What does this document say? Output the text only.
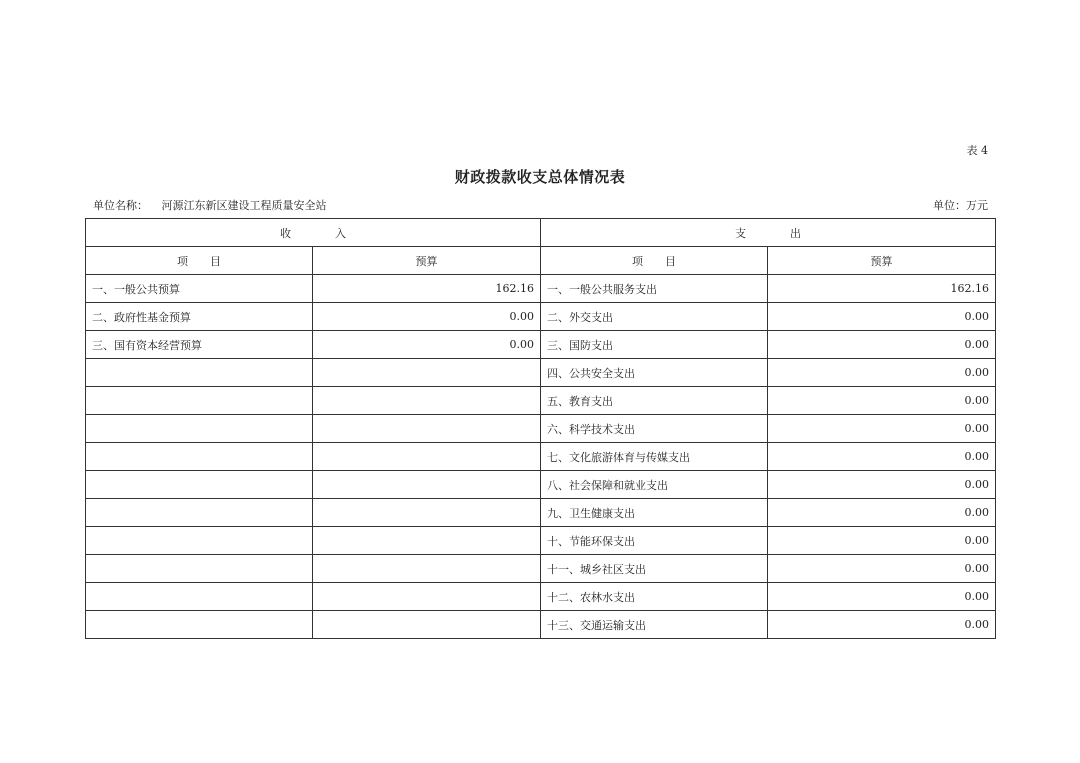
表 4
财政拨款收支总体情况表
单位名称： 河源江东新区建设工程质量安全站	单位：万元
收　　　　入		支　　　　出	
项　　目	预算	项　　目	预算
一、一般公共预算	162.16	一、一般公共服务支出	162.16
二、政府性基金预算	0.00	二、外交支出	0.00
三、国有资本经营预算	0.00	三、国防支出	0.00
		四、公共安全支出	0.00
		五、教育支出	0.00
		六、科学技术支出	0.00
		七、文化旅游体育与传媒支出	0.00
		八、社会保障和就业支出	0.00
		九、卫生健康支出	0.00
		十、节能环保支出	0.00
		十一、城乡社区支出	0.00
		十二、农林水支出	0.00
		十三、交通运输支出	0.00
